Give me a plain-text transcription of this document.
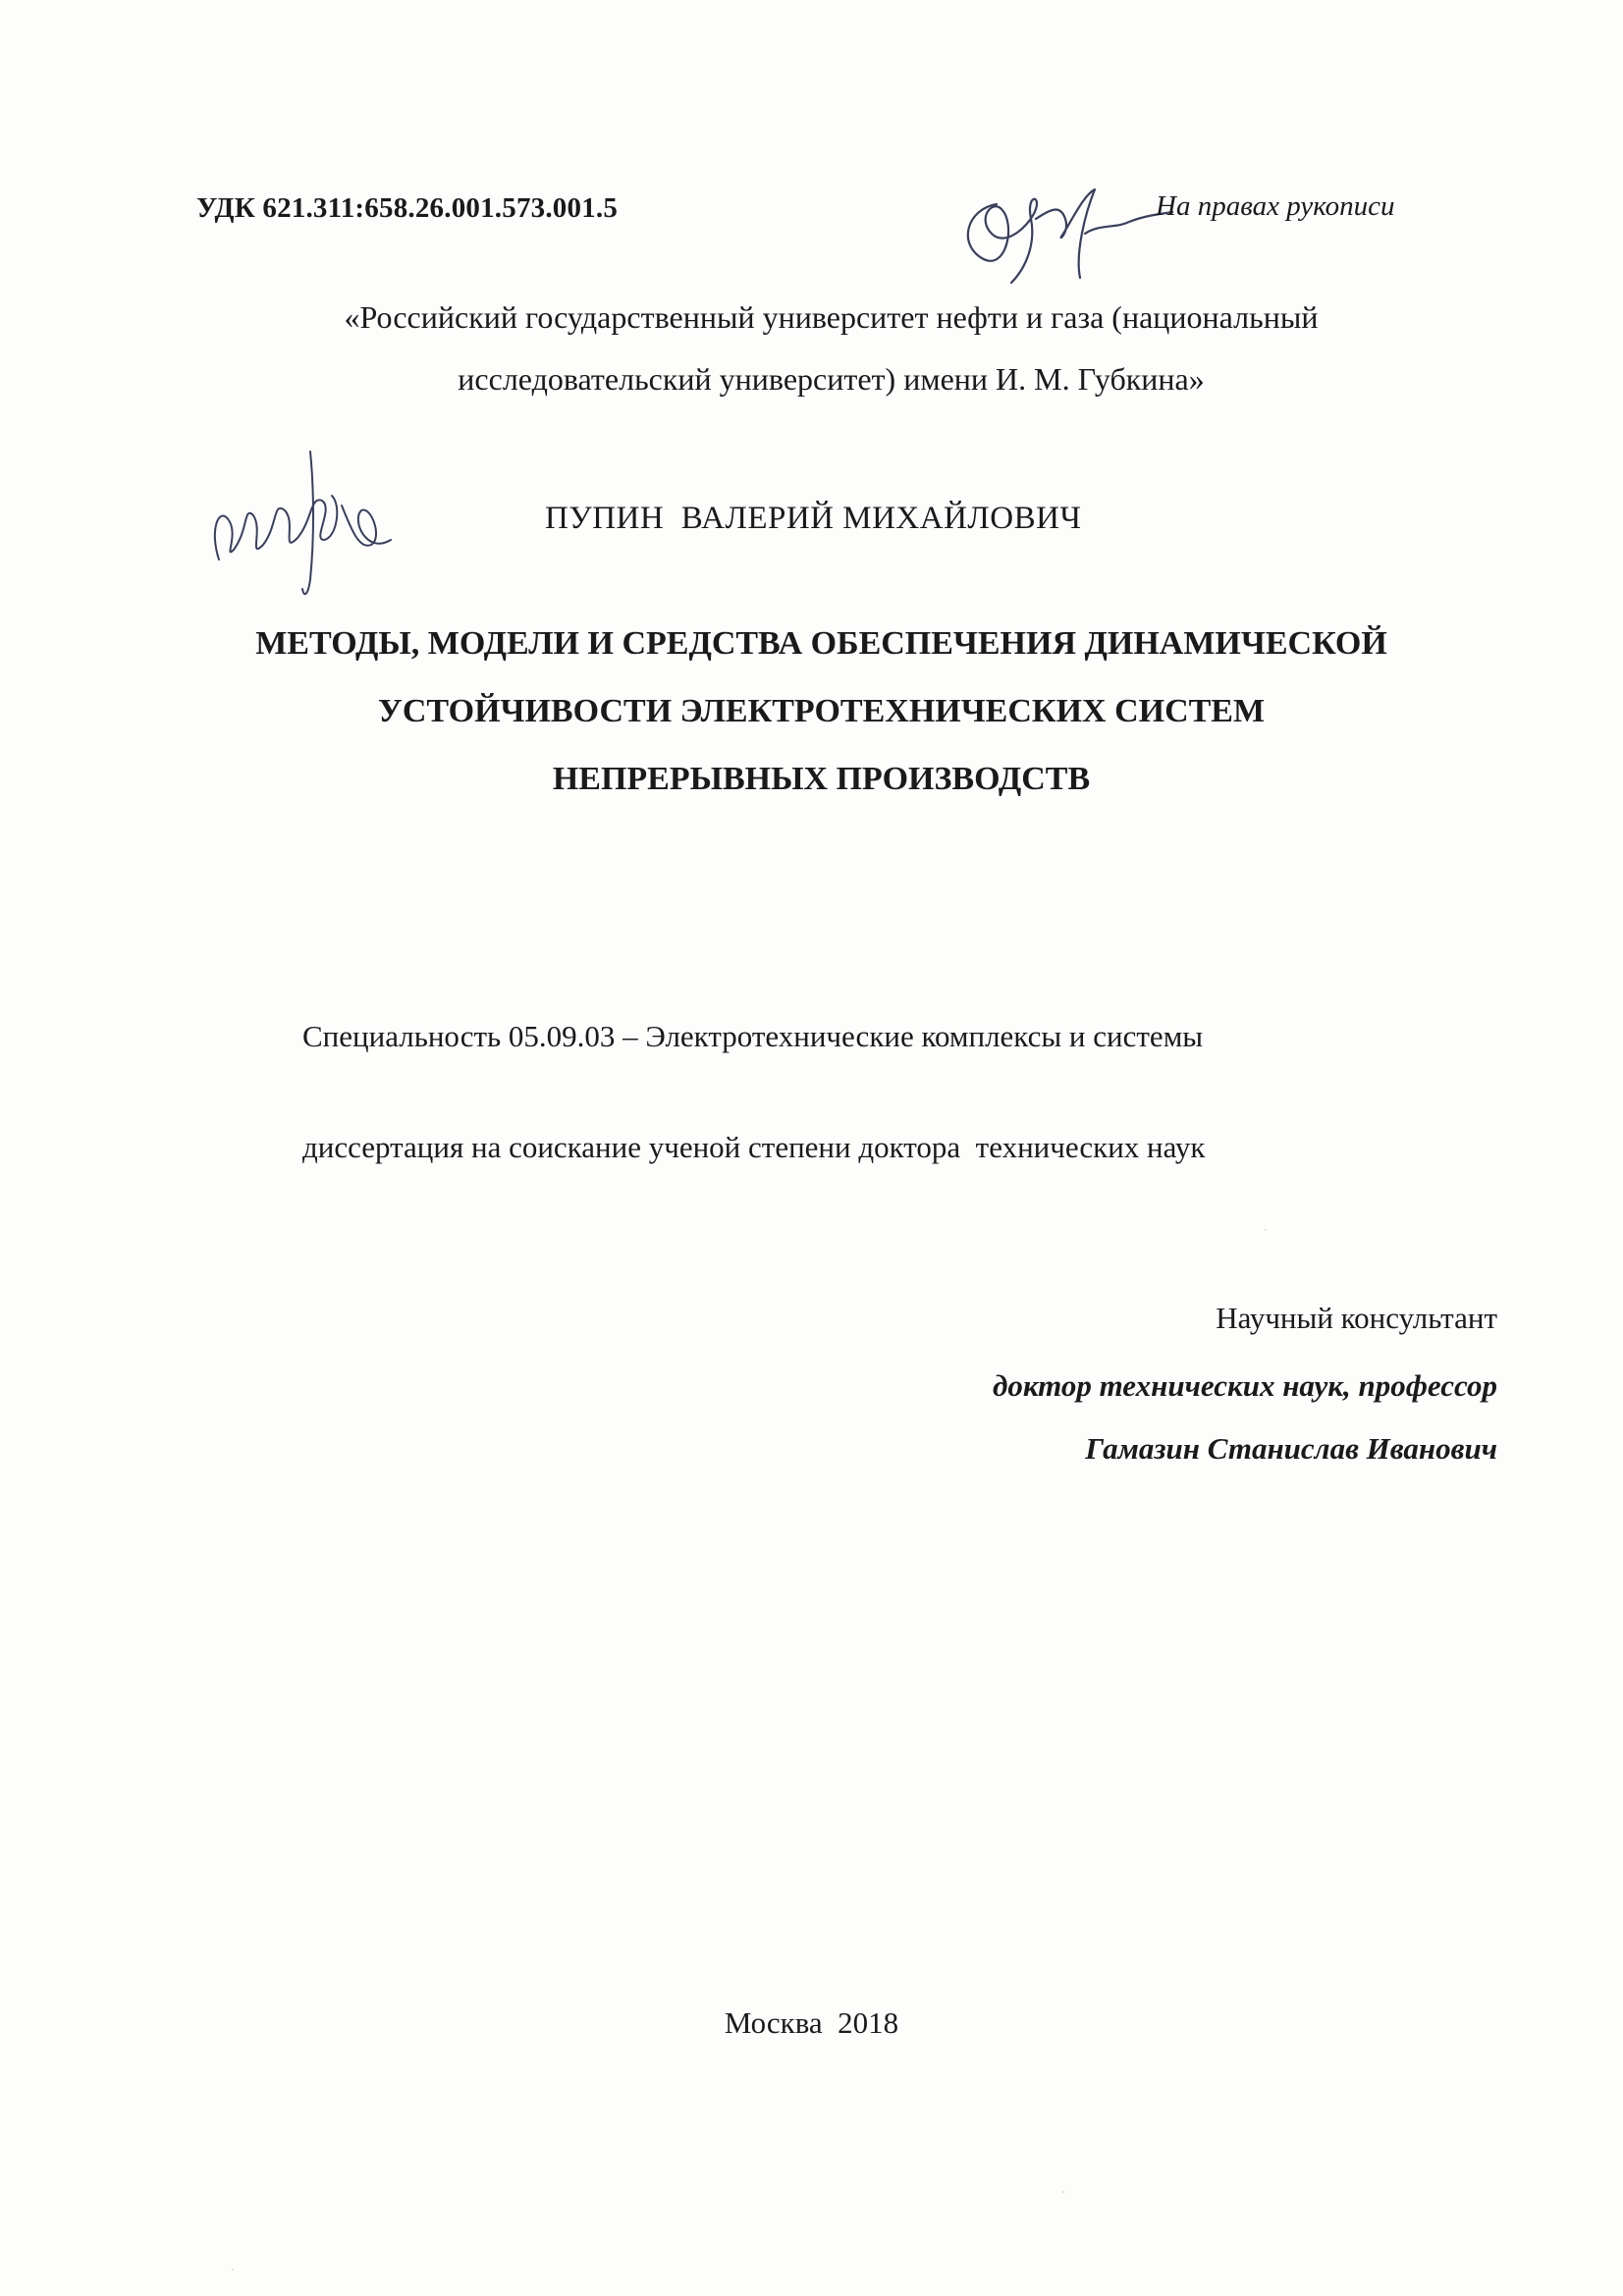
УДК 621.311:658.26.001.573.001.5	На правах рукописи
«Российский государственный университет нефти и газа (национальный
исследовательский университет) имени И. М. Губкина»
ПУПИН  ВАЛЕРИЙ МИХАЙЛОВИЧ
МЕТОДЫ, МОДЕЛИ И СРЕДСТВА ОБЕСПЕЧЕНИЯ ДИНАМИЧЕСКОЙ
УСТОЙЧИВОСТИ ЭЛЕКТРОТЕХНИЧЕСКИХ СИСТЕМ
НЕПРЕРЫВНЫХ ПРОИЗВОДСТВ
Специальность 05.09.03 – Электротехнические комплексы и системы
диссертация на соискание ученой степени доктора  технических наук
Научный консультант
доктор технических наук, профессор
Гамазин Станислав Иванович
Москва  2018
